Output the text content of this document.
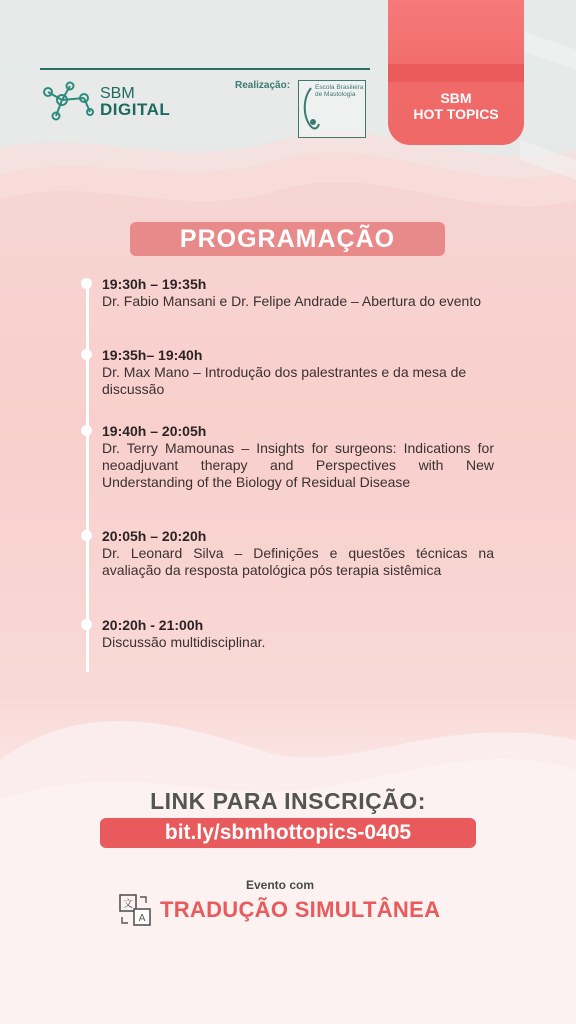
SBM
DIGITAL
Realização:	Escola Brasileira de Mastologia	SBM
HOT TOPICS
PROGRAMAÇÃO
19:30h – 19:35h
Dr. Fabio Mansani e Dr. Felipe Andrade – Abertura do evento
19:35h– 19:40h
Dr. Max Mano – Introdução dos palestrantes e da mesa de discussão
19:40h – 20:05h
Dr. Terry Mamounas – Insights for surgeons: Indications for neoadjuvant therapy and Perspectives with New Understanding of the Biology of Residual Disease
20:05h – 20:20h
Dr. Leonard Silva – Definições e questões técnicas na avaliação da resposta patológica pós terapia sistêmica
20:20h - 21:00h
Discussão multidisciplinar.
LINK PARA INSCRIÇÃO:
bit.ly/sbmhottopics-0405
Evento com
文
A TRADUÇÃO SIMULTÂNEA
